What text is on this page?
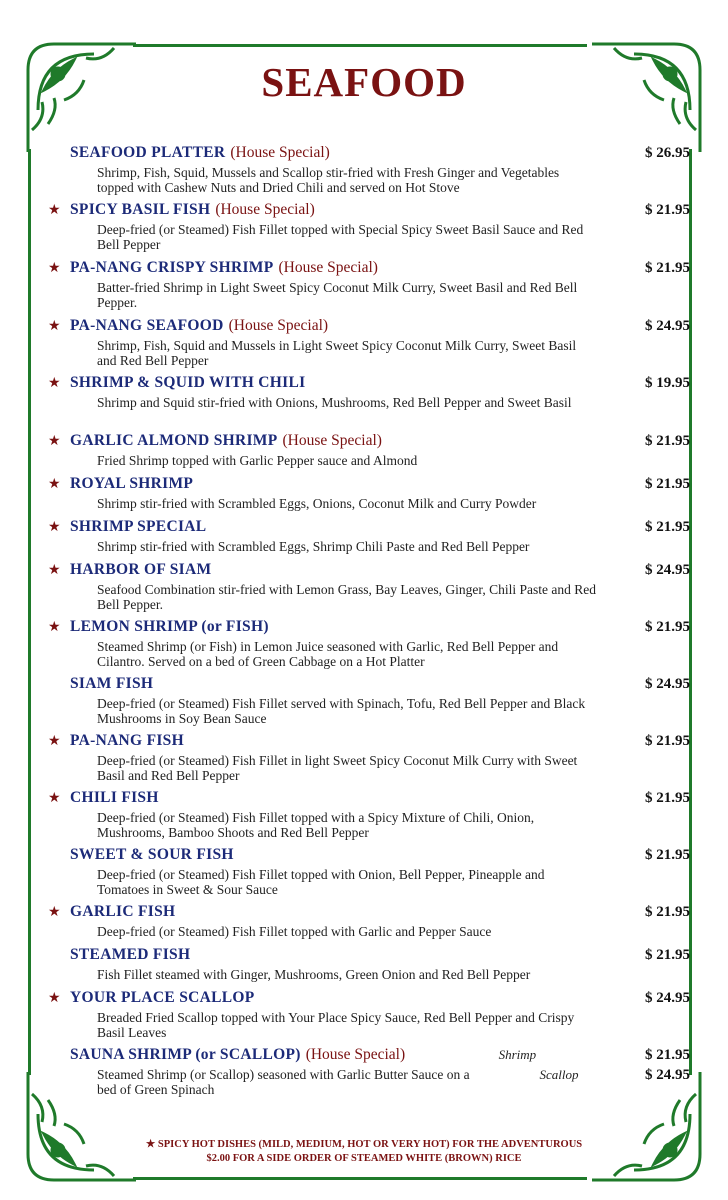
SEAFOOD
SEAFOOD PLATTER (House Special)	$ 26.95
Shrimp, Fish, Squid, Mussels and Scallop stir-fried with Fresh Ginger and Vegetables topped with Cashew Nuts and Dried Chili and served on Hot Stove
★ SPICY BASIL FISH (House Special)	$ 21.95
Deep-fried (or Steamed) Fish Fillet topped with Special Spicy Sweet Basil Sauce and Red Bell Pepper
★ PA-NANG CRISPY SHRIMP (House Special)	$ 21.95
Batter-fried Shrimp in Light Sweet Spicy Coconut Milk Curry, Sweet Basil and Red Bell Pepper.
★ PA-NANG SEAFOOD (House Special)	$ 24.95
Shrimp, Fish, Squid and Mussels in Light Sweet Spicy Coconut Milk Curry, Sweet Basil and Red Bell Pepper
★ SHRIMP & SQUID WITH CHILI	$ 19.95
Shrimp and Squid stir-fried with Onions, Mushrooms, Red Bell Pepper and Sweet Basil
★ GARLIC ALMOND SHRIMP (House Special)	$ 21.95
Fried Shrimp topped with Garlic Pepper sauce and Almond
★ ROYAL SHRIMP	$ 21.95
Shrimp stir-fried with Scrambled Eggs, Onions, Coconut Milk and Curry Powder
★ SHRIMP SPECIAL	$ 21.95
Shrimp stir-fried with Scrambled Eggs, Shrimp Chili Paste and Red Bell Pepper
★ HARBOR OF SIAM	$ 24.95
Seafood Combination stir-fried with Lemon Grass, Bay Leaves, Ginger, Chili Paste and Red Bell Pepper.
★ LEMON SHRIMP (or FISH)	$ 21.95
Steamed Shrimp (or Fish) in Lemon Juice seasoned with Garlic, Red Bell Pepper and Cilantro. Served on a bed of Green Cabbage on a Hot Platter
SIAM FISH	$ 24.95
Deep-fried (or Steamed) Fish Fillet served with Spinach, Tofu, Red Bell Pepper and Black Mushrooms in Soy Bean Sauce
★ PA-NANG FISH	$ 21.95
Deep-fried (or Steamed) Fish Fillet in light Sweet Spicy Coconut Milk Curry with Sweet Basil and Red Bell Pepper
★ CHILI FISH	$ 21.95
Deep-fried (or Steamed) Fish Fillet topped with a Spicy Mixture of Chili, Onion, Mushrooms, Bamboo Shoots and Red Bell Pepper
SWEET & SOUR FISH	$ 21.95
Deep-fried (or Steamed) Fish Fillet topped with Onion, Bell Pepper, Pineapple and Tomatoes in Sweet & Sour Sauce
★ GARLIC FISH	$ 21.95
Deep-fried (or Steamed) Fish Fillet topped with Garlic and Pepper Sauce
STEAMED FISH	$ 21.95
Fish Fillet steamed with Ginger, Mushrooms, Green Onion and Red Bell Pepper
★ YOUR PLACE SCALLOP	$ 24.95
Breaded Fried Scallop topped with Your Place Spicy Sauce, Red Bell Pepper and Crispy Basil Leaves
SAUNA SHRIMP (or SCALLOP) (House Special)	Shrimp	$ 21.95
Steamed Shrimp (or Scallop) seasoned with Garlic Butter Sauce on a bed of Green Spinach
Scallop	$ 24.95
★ SPICY HOT DISHES (MILD, MEDIUM, HOT OR VERY HOT) FOR THE ADVENTUROUS
$2.00 FOR A SIDE ORDER OF STEAMED WHITE (BROWN) RICE
